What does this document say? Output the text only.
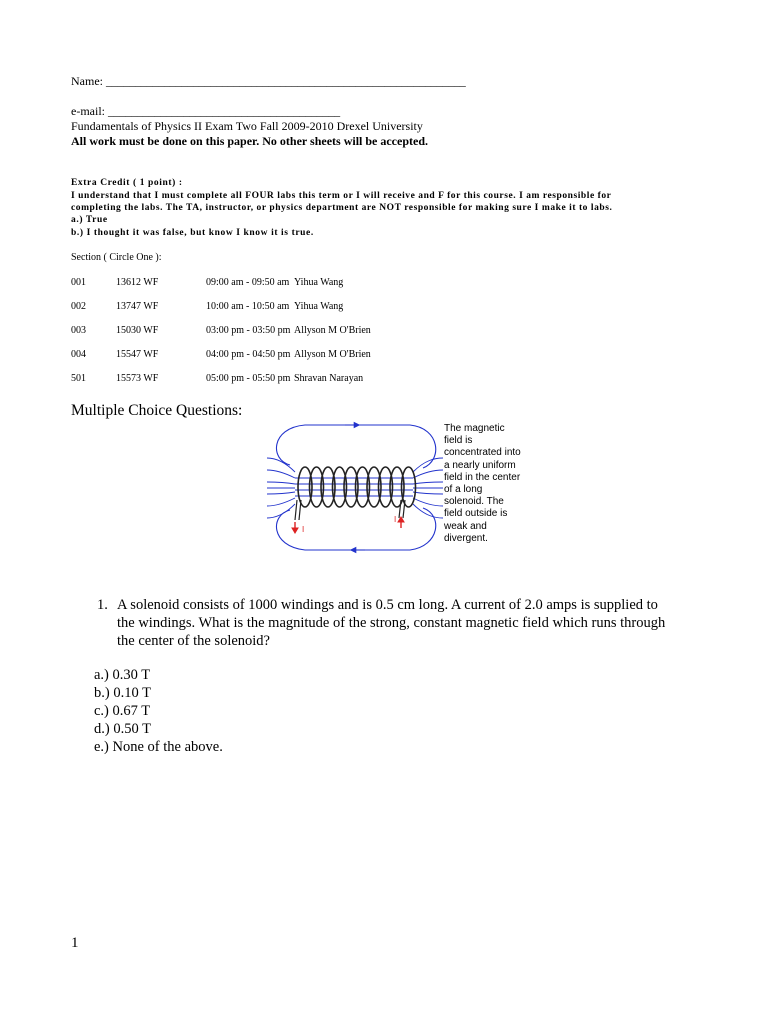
Name: ______________________________________________________________
e-mail: ________________________________________
Fundamentals of Physics II Exam Two Fall 2009-2010 Drexel University
All work must be done on this paper. No other sheets will be accepted.
Extra Credit ( 1 point) :
I understand that I must complete all FOUR labs this term or I will receive and F for this course. I am responsible for
completing the labs. The TA, instructor, or physics department are NOT responsible for making sure I make it to labs.
a.) True
b.) I thought it was false, but know I know it is true.
Section ( Circle One ):
001	13612 WF	09:00 am - 09:50 am Yihua Wang
002	13747 WF	10:00 am - 10:50 am Yihua Wang
003	15030 WF	03:00 pm - 03:50 pm Allyson M O'Brien
004	15547 WF	04:00 pm - 04:50 pm Allyson M O'Brien
501	15573 WF	05:00 pm - 05:50 pm Shravan Narayan
Multiple Choice Questions:
I
I
The magnetic field is concentrated into a nearly uniform field in the center of a long solenoid. The field outside is weak and divergent.
1. A solenoid consists of 1000 windings and is 0.5 cm long. A current of 2.0 amps is supplied to
the windings. What is the magnitude of the strong, constant magnetic field which runs through
the center of the solenoid?
a.) 0.30 T
b.) 0.10 T
c.) 0.67 T
d.) 0.50 T
e.) None of the above.
1
